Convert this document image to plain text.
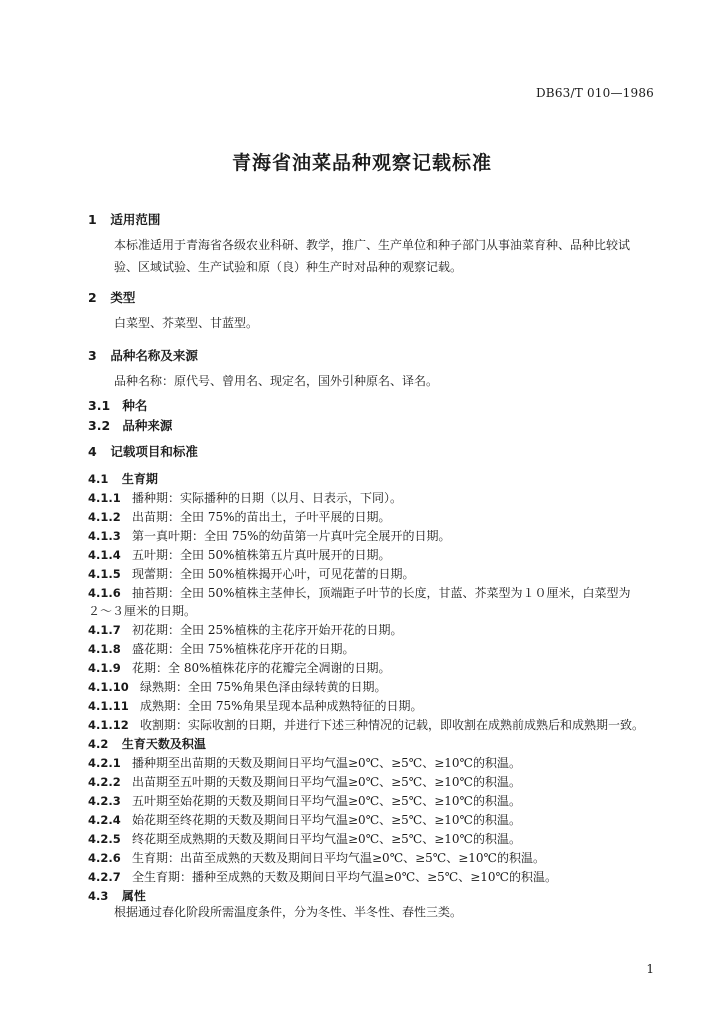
DB63/T 010—1986
青海省油菜品种观察记载标准
1 适用范围
本标准适用于青海省各级农业科研、教学，推广、生产单位和种子部门从事油菜育种、品种比较试
验、区域试验、生产试验和原（良）种生产时对品种的观察记载。
2 类型
白菜型、芥菜型、甘蓝型。
3 品种名称及来源
品种名称：原代号、曾用名、现定名，国外引种原名、译名。
3.1 种名
3.2 品种来源
4 记载项目和标准
4.1 生育期
4.1.1 播种期：实际播种的日期（以月、日表示，下同）。
4.1.2 出苗期：全田 75%的苗出土，子叶平展的日期。
4.1.3 第一真叶期：全田 75%的幼苗第一片真叶完全展开的日期。
4.1.4 五叶期：全田 50%植株第五片真叶展开的日期。
4.1.5 现蕾期：全田 50%植株揭开心叶，可见花蕾的日期。
4.1.6 抽苔期：全田 50%植株主茎伸长，顶端距子叶节的长度，甘蓝、芥菜型为１０厘米，白菜型为
２～３厘米的日期。
4.1.7 初花期：全田 25%植株的主花序开始开花的日期。
4.1.8 盛花期：全田 75%植株花序开花的日期。
4.1.9 花期：全 80%植株花序的花瓣完全凋谢的日期。
4.1.10 绿熟期：全田 75%角果色泽由绿转黄的日期。
4.1.11 成熟期：全田 75%角果呈现本品种成熟特征的日期。
4.1.12 收割期：实际收割的日期，并进行下述三种情况的记载，即收割在成熟前成熟后和成熟期一致。
4.2 生育天数及积温
4.2.1 播种期至出苗期的天数及期间日平均气温≥0℃、≥5℃、≥10℃的积温。
4.2.2 出苗期至五叶期的天数及期间日平均气温≥0℃、≥5℃、≥10℃的积温。
4.2.3 五叶期至始花期的天数及期间日平均气温≥0℃、≥5℃、≥10℃的积温。
4.2.4 始花期至终花期的天数及期间日平均气温≥0℃、≥5℃、≥10℃的积温。
4.2.5 终花期至成熟期的天数及期间日平均气温≥0℃、≥5℃、≥10℃的积温。
4.2.6 生育期：出苗至成熟的天数及期间日平均气温≥0℃、≥5℃、≥10℃的积温。
4.2.7 全生育期：播种至成熟的天数及期间日平均气温≥0℃、≥5℃、≥10℃的积温。
4.3 属性
根据通过春化阶段所需温度条件，分为冬性、半冬性、春性三类。
1
